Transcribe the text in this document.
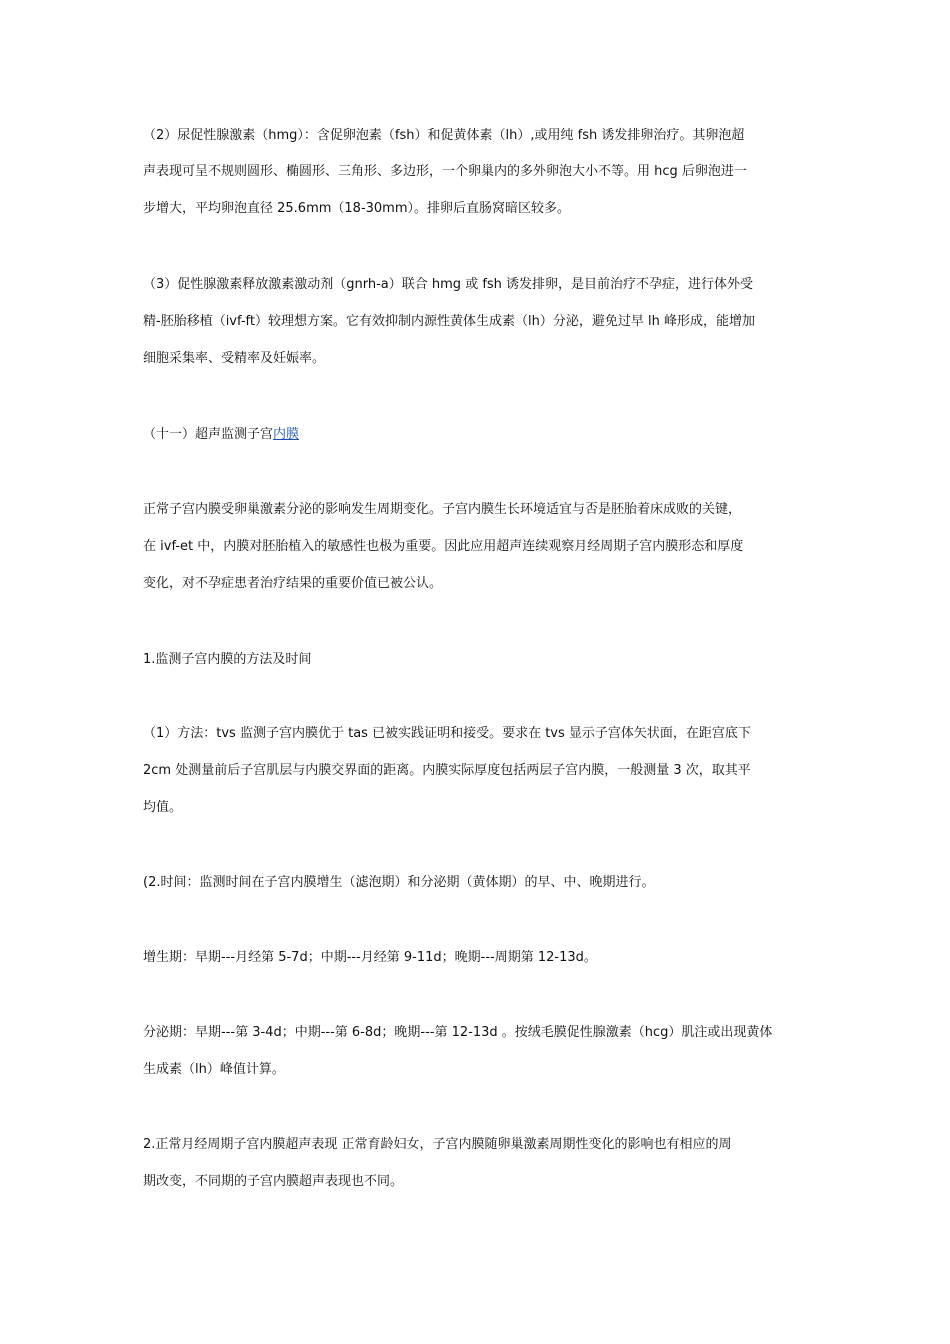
（2）尿促性腺激素（hmg）：含促卵泡素（fsh）和促黄体素（lh）,或用纯 fsh 诱发排卵治疗。其卵泡超
声表现可呈不规则圆形、椭圆形、三角形、多边形，一个卵巢内的多外卵泡大小不等。用 hcg 后卵泡进一
步增大，平均卵泡直径 25.6mm（18-30mm）。排卵后直肠窝暗区较多。
（3）促性腺激素释放激素激动剂（gnrh-a）联合 hmg 或 fsh 诱发排卵，是目前治疗不孕症，进行体外受
精-胚胎移植（ivf-ft）较理想方案。它有效抑制内源性黄体生成素（lh）分泌，避免过早 lh 峰形成，能增加
细胞采集率、受精率及妊娠率。
（十一）超声监测子宫内膜
正常子宫内膜受卵巢激素分泌的影响发生周期变化。子宫内膜生长环境适宜与否是胚胎着床成败的关键，
在 ivf-et 中，内膜对胚胎植入的敏感性也极为重要。因此应用超声连续观察月经周期子宫内膜形态和厚度
变化，对不孕症患者治疗结果的重要价值已被公认。
1.监测子宫内膜的方法及时间
（1）方法：tvs 监测子宫内膜优于 tas 已被实践证明和接受。要求在 tvs 显示子宫体矢状面，在距宫底下
2cm 处测量前后子宫肌层与内膜交界面的距离。内膜实际厚度包括两层子宫内膜，一般测量 3 次，取其平
均值。
(2.时间：监测时间在子宫内膜增生（滤泡期）和分泌期（黄体期）的早、中、晚期进行。
增生期：早期---月经第 5-7d；中期---月经第 9-11d；晚期---周期第 12-13d。
分泌期：早期---第 3-4d；中期---第 6-8d；晚期---第 12-13d 。按绒毛膜促性腺激素（hcg）肌注或出现黄体
生成素（lh）峰值计算。
2.正常月经周期子宫内膜超声表现 正常育龄妇女，子宫内膜随卵巢激素周期性变化的影响也有相应的周
期改变，不同期的子宫内膜超声表现也不同。
